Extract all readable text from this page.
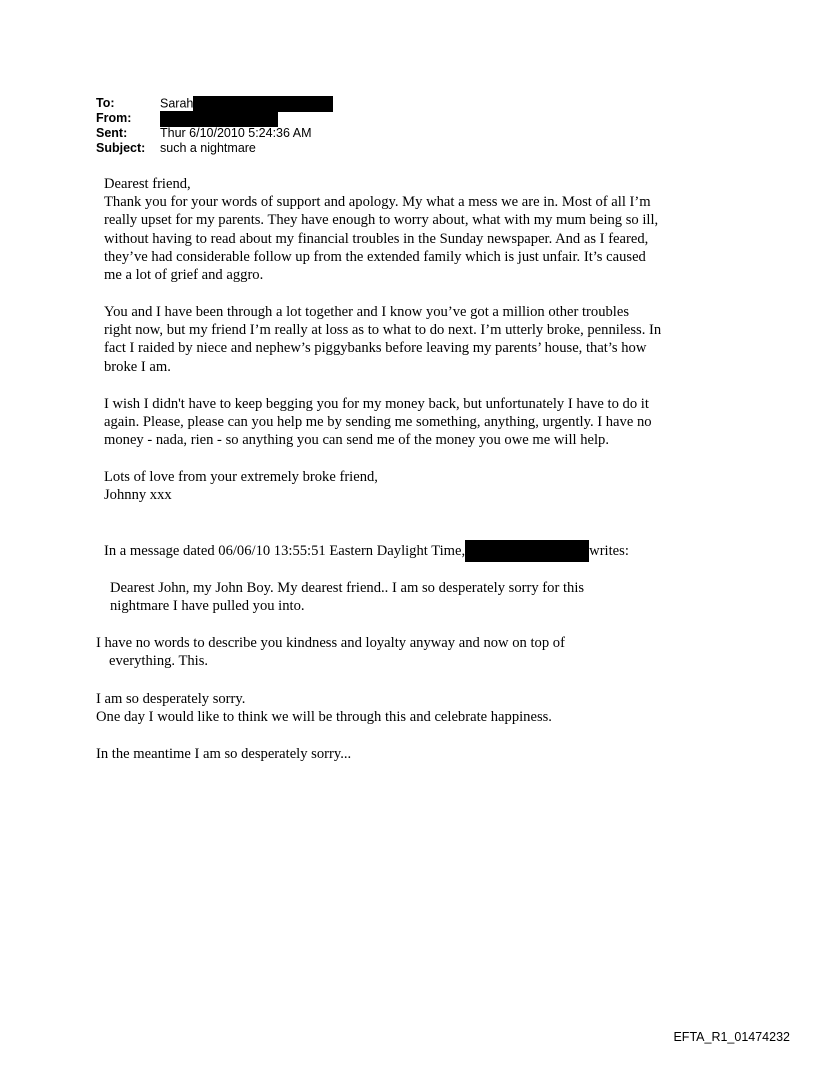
To:	Sarah
From:
Sent:	Thur 6/10/2010 5:24:36 AM
Subject:	such a nightmare
Dearest friend,
Thank you for your words of support and apology. My what a mess we are in. Most of all I’m
really upset for my parents. They have enough to worry about, what with my mum being so ill,
without having to read about my financial troubles in the Sunday newspaper. And as I feared,
they’ve had considerable follow up from the extended family which is just unfair. It’s caused
me a lot of grief and aggro.
You and I have been through a lot together and I know you’ve got a million other troubles
right now, but my friend I’m really at loss as to what to do next. I’m utterly broke, penniless. In
fact I raided by niece and nephew’s piggybanks before leaving my parents’ house, that’s how
broke I am.
I wish I didn't have to keep begging you for my money back, but unfortunately I have to do it
again. Please, please can you help me by sending me something, anything, urgently. I have no
money - nada, rien - so anything you can send me of the money you owe me will help.
Lots of love from your extremely broke friend,
Johnny xxx
In a message dated 06/06/10 13:55:51 Eastern Daylight Time,	writes:
Dearest John, my John Boy. My dearest friend.. I am so desperately sorry for this
nightmare I have pulled you into.
I have no words to describe you kindness and loyalty anyway and now on top of
everything. This.
I am so desperately sorry.
One day I would like to think we will be through this and celebrate happiness.
In the meantime I am so desperately sorry...
EFTA_R1_01474232
